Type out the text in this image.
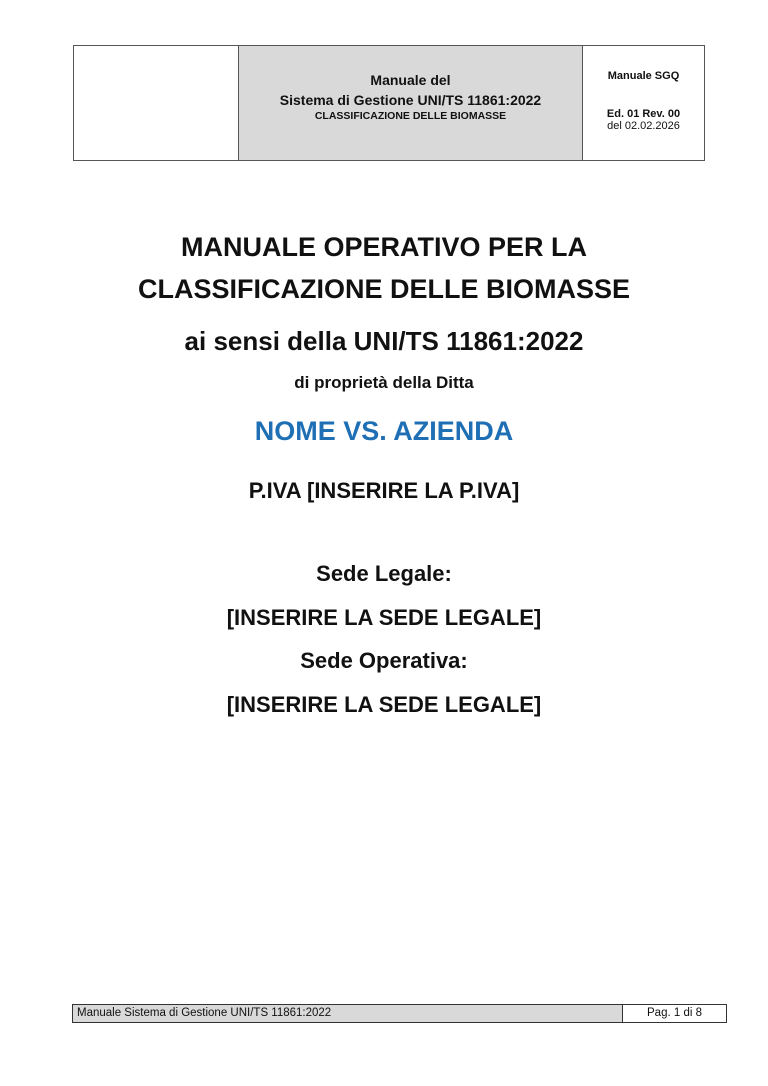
Manuale del
Sistema di Gestione UNI/TS 11861:2022
CLASSIFICAZIONE DELLE BIOMASSE
Manuale SGQ
Ed. 01 Rev. 00
del 02.02.2026
MANUALE OPERATIVO PER LA
CLASSIFICAZIONE DELLE BIOMASSE
ai sensi della UNI/TS 11861:2022
di proprietà della Ditta
NOME VS. AZIENDA
P.IVA [INSERIRE LA P.IVA]
Sede Legale:
[INSERIRE LA SEDE LEGALE]
Sede Operativa:
[INSERIRE LA SEDE LEGALE]
Manuale Sistema di Gestione UNI/TS 11861:2022	Pag. 1 di 8
